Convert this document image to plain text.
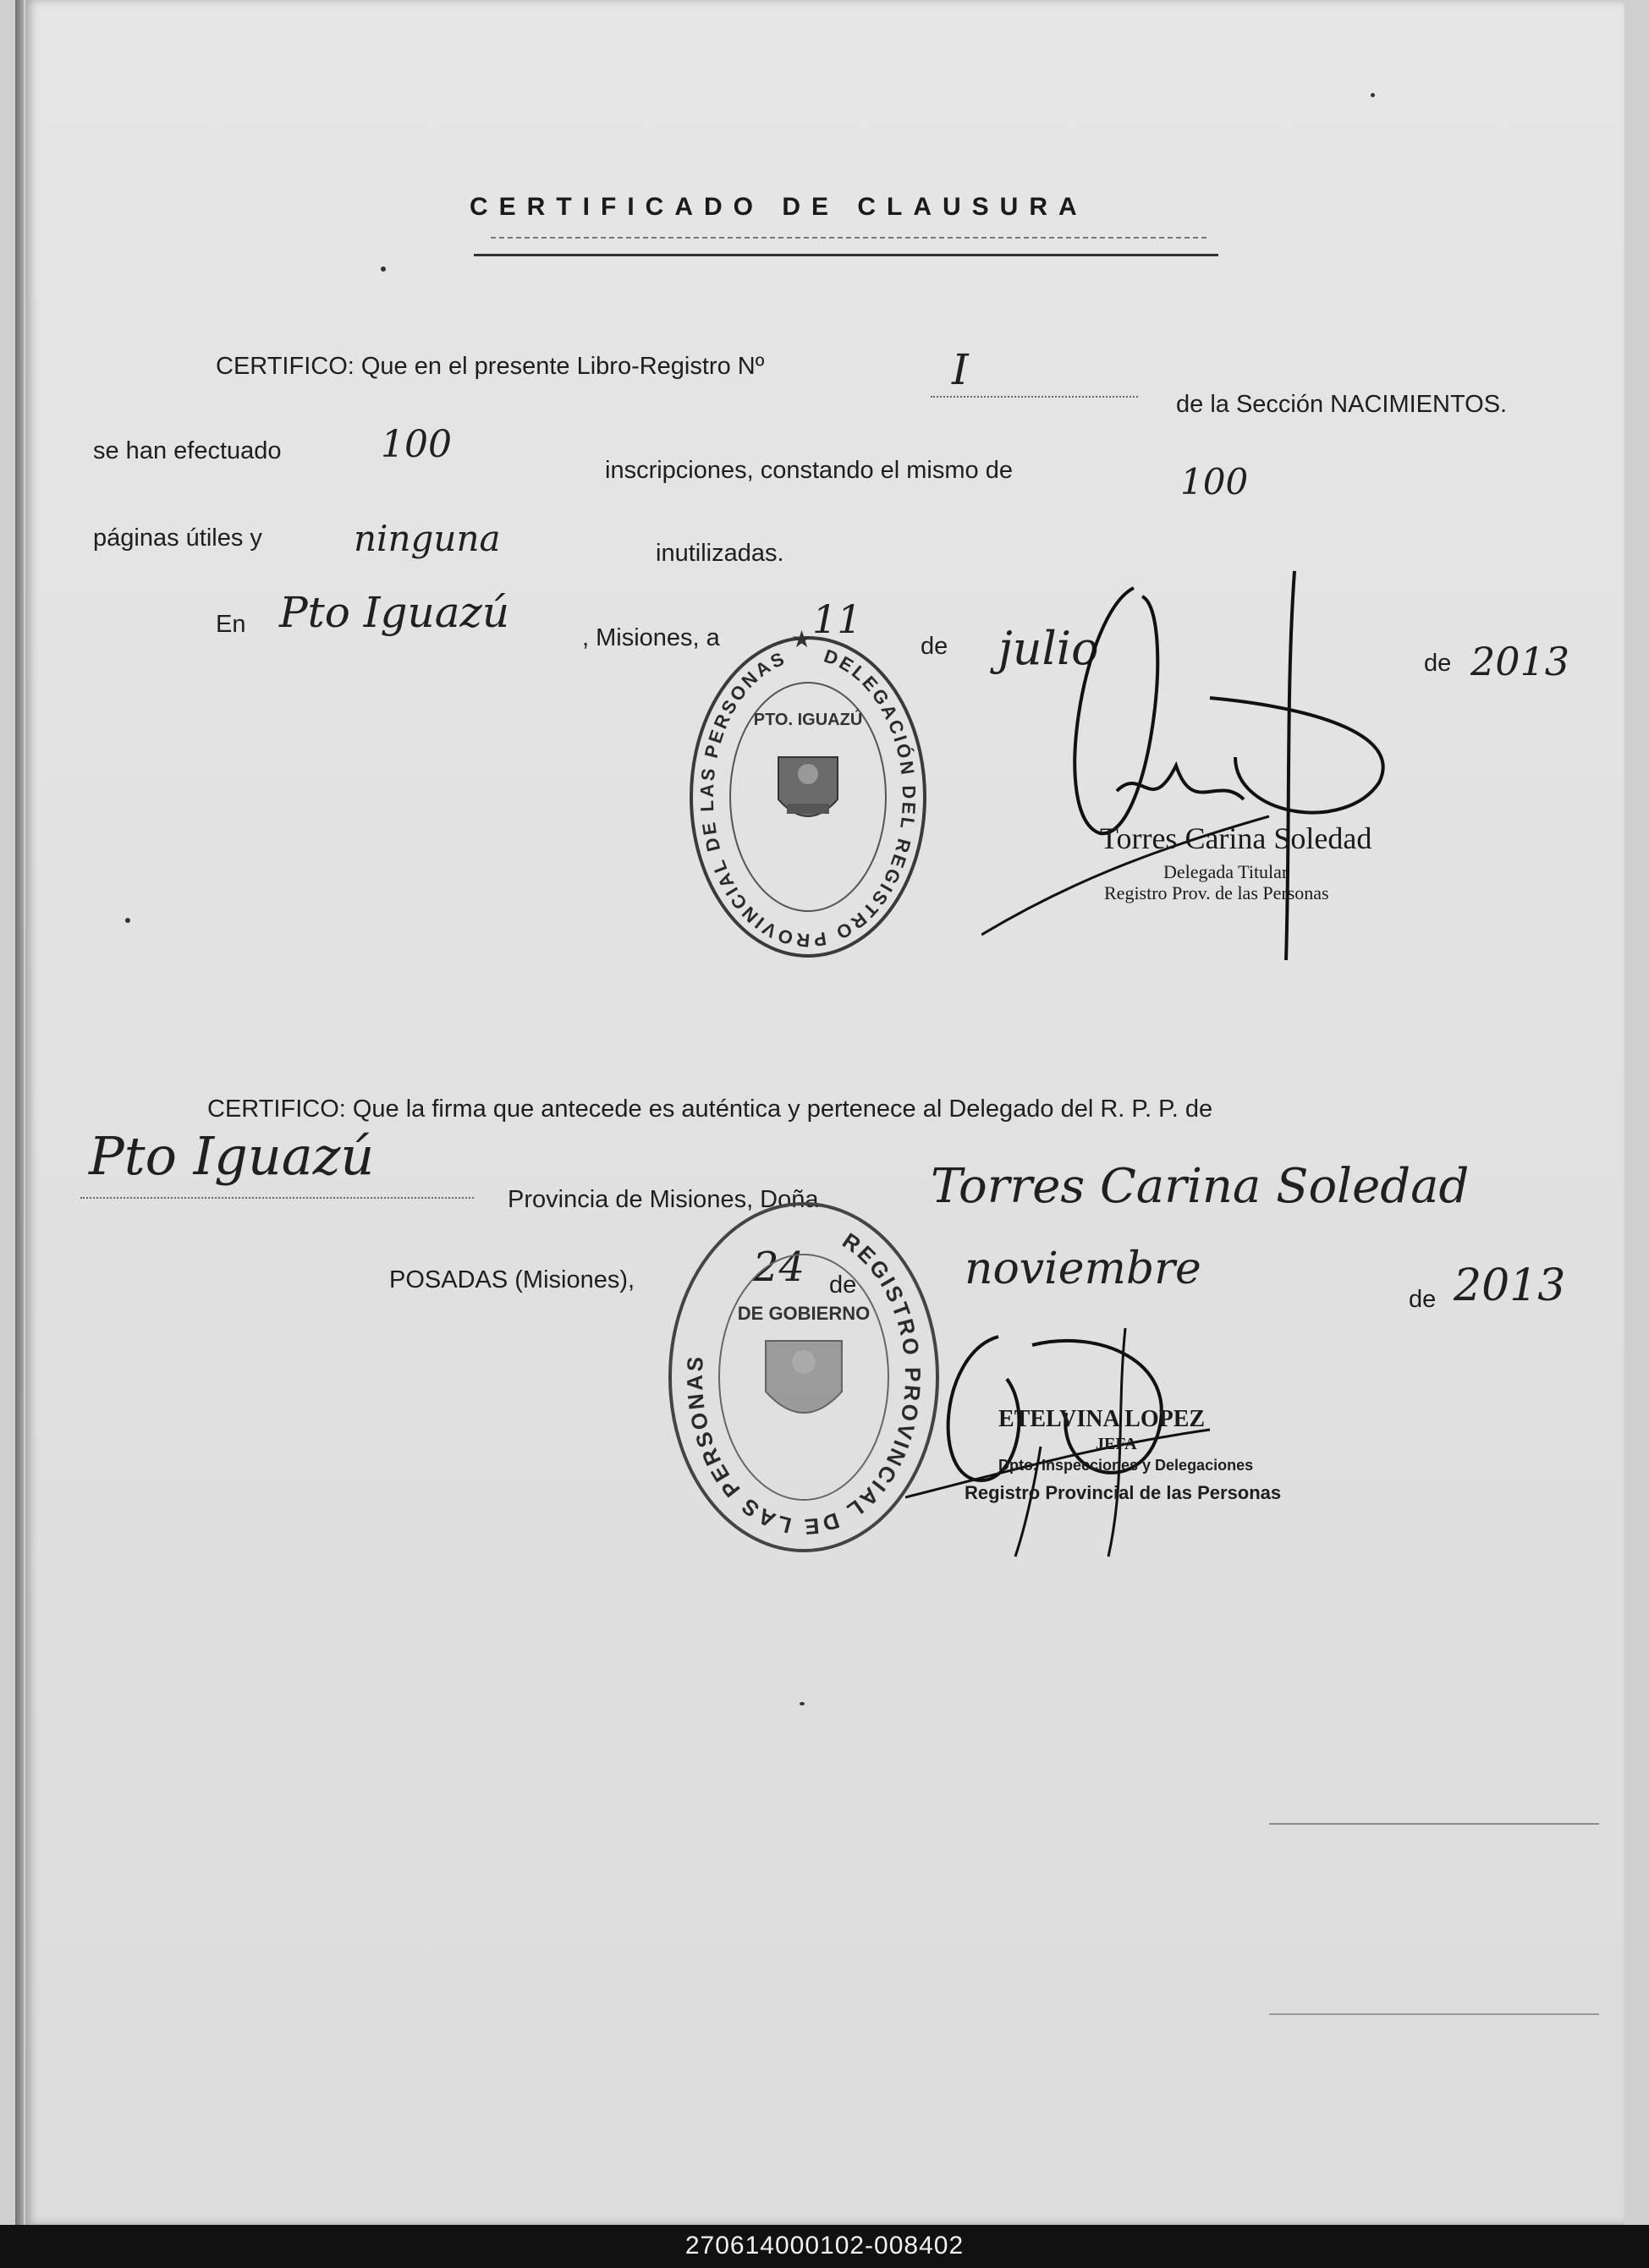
CERTIFICADO DE CLAUSURA
CERTIFICO: Que en el presente Libro-Registro Nº	I
de la Sección NACIMIENTOS.
se han efectuado	100
inscripciones, constando el mismo de	100
páginas útiles y	ninguna	inutilizadas.
En Pto Iguazú
, Misiones, a 11
de julio	de 2013
DELEGACIÓN DEL REGISTRO PROVINCIAL DE LAS PERSONAS
PTO. IGUAZÚ
★
Torres Carina Soledad
Delegada Titular
Registro Prov. de las Personas
CERTIFICO: Que la firma que antecede es auténtica y pertenece al Delegado del R. P. P. de
Pto Iguazú
Provincia de Misiones, Doña Torres Carina Soledad
POSADAS (Misiones),	24 de noviembre
de 2013
REGISTRO PROVINCIAL DE LAS PERSONAS
DE GOBIERNO
ETELVINA LOPEZ
JEFA
Dpto. Inspecciones y Delegaciones
Registro Provincial de las Personas
270614000102-008402
